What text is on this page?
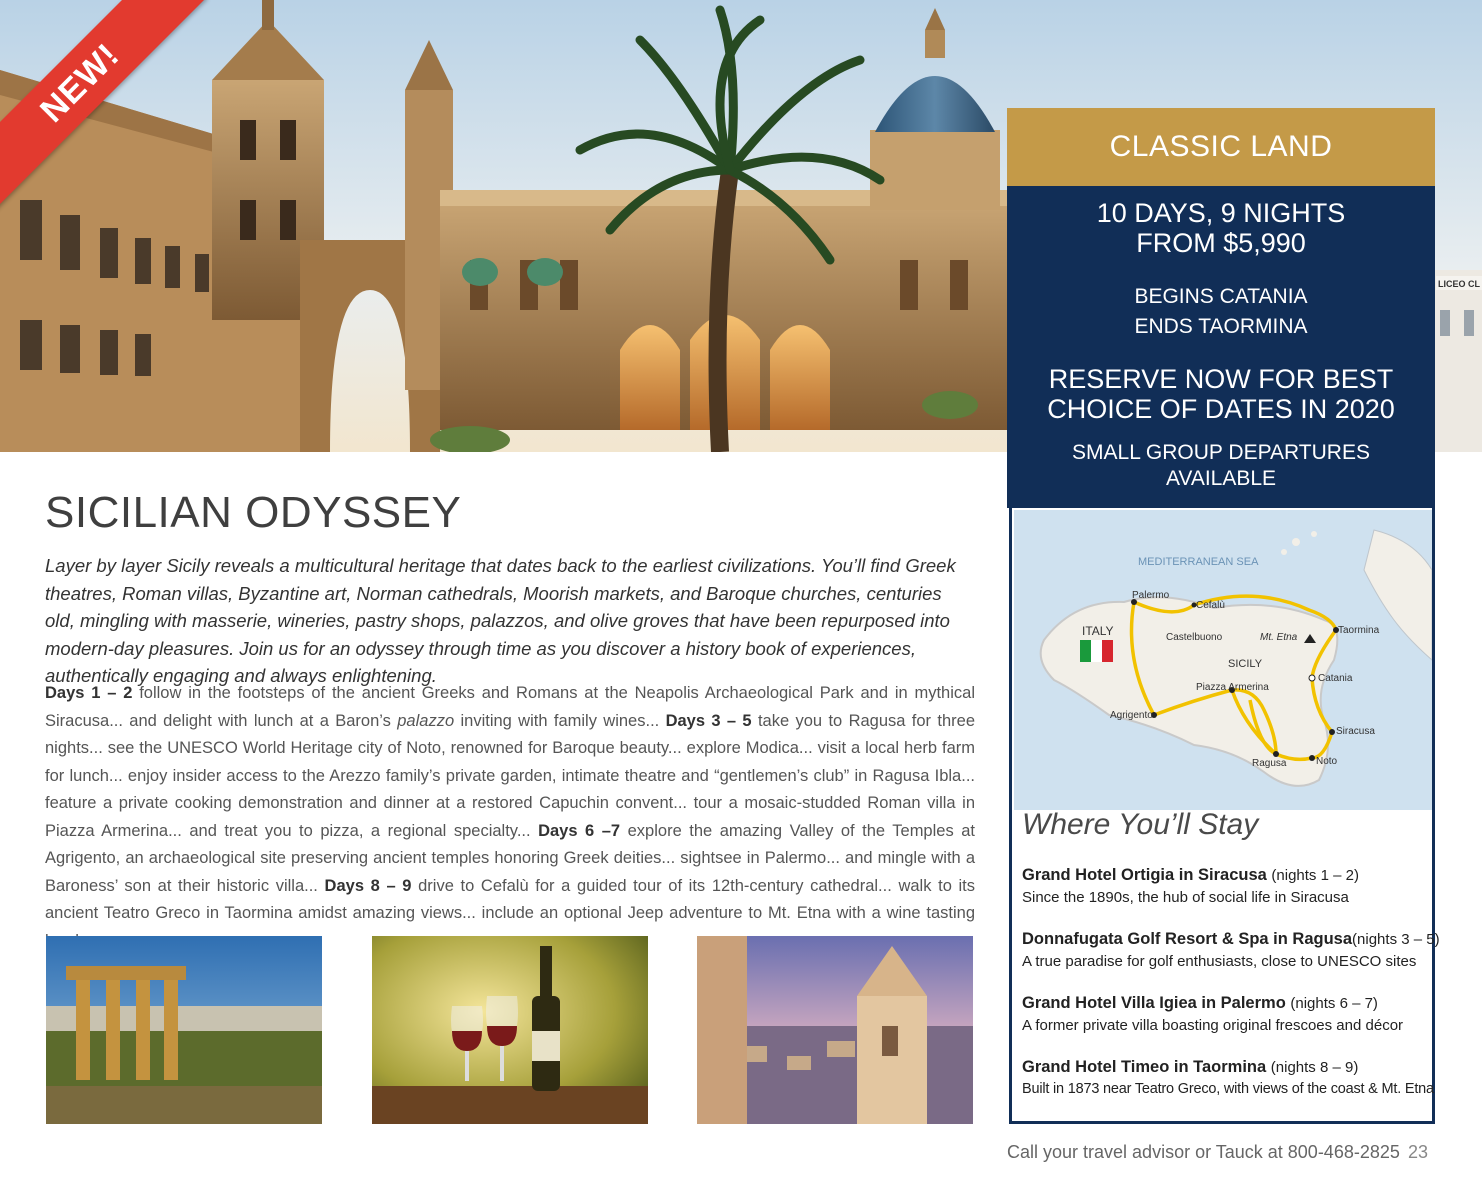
LICEO CL
NEW!
CLASSIC LAND
10 DAYS, 9 NIGHTS
FROM $5,990
BEGINS CATANIA
ENDS TAORMINA
RESERVE NOW FOR BEST
CHOICE OF DATES IN 2020
SMALL GROUP DEPARTURES
AVAILABLE
MEDITERRANEAN SEA
ITALY
Palermo
Cefalù
Castelbuono	Mt. Etna
Taormina
SICILY
Catania
Piazza Armerina
Agrigento
Siracusa
Ragusa	Noto
Where You’ll Stay
Grand Hotel Ortigia in Siracusa (nights 1 – 2)
Since the 1890s, the hub of social life in Siracusa
Donnafugata Golf Resort & Spa in Ragusa(nights 3 – 5)
A true paradise for golf enthusiasts, close to UNESCO sites
Grand Hotel Villa Igiea in Palermo (nights 6 – 7)
A former private villa boasting original frescoes and décor
Grand Hotel Timeo in Taormina (nights 8 – 9)
Built in 1873 near Teatro Greco, with views of the coast & Mt. Etna
SICILIAN ODYSSEY
Layer by layer Sicily reveals a multicultural heritage that dates back to the earliest civilizations. You’ll find Greek theatres, Roman villas, Byzantine art, Norman cathedrals, Moorish markets, and Baroque churches, centuries old, mingling with masserie, wineries, pastry shops, palazzos, and olive groves that have been repurposed into modern-day pleasures. Join us for an odyssey through time as you discover a history book of experiences, authentically engaging and always enlightening.
Days 1 – 2 follow in the footsteps of the ancient Greeks and Romans at the Neapolis Archaeological Park and in mythical Siracusa... and delight with lunch at a Baron’s palazzo inviting with family wines... Days 3 – 5 take you to Ragusa for three nights... see the UNESCO World Heritage city of Noto, renowned for Baroque beauty... explore Modica... visit a local herb farm for lunch... enjoy insider access to the Arezzo family’s private garden, intimate theatre and “gentlemen’s club” in Ragusa Ibla... feature a private cooking demonstration and dinner at a restored Capuchin convent... tour a mosaic-studded Roman villa in Piazza Armerina... and treat you to pizza, a regional specialty... Days 6 –7 explore the amazing Valley of the Temples at Agrigento, an archaeological site preserving ancient temples honoring Greek deities... sightsee in Palermo... and mingle with a Baroness’ son at their historic villa... Days 8 – 9 drive to Cefalù for a guided tour of its 12th-century cathedral... walk to its ancient Teatro Greco in Taormina amidst amazing views... include an optional Jeep adventure to Mt. Etna with a wine tasting
Call your travel advisor or Tauck at 800-468-2825 23
